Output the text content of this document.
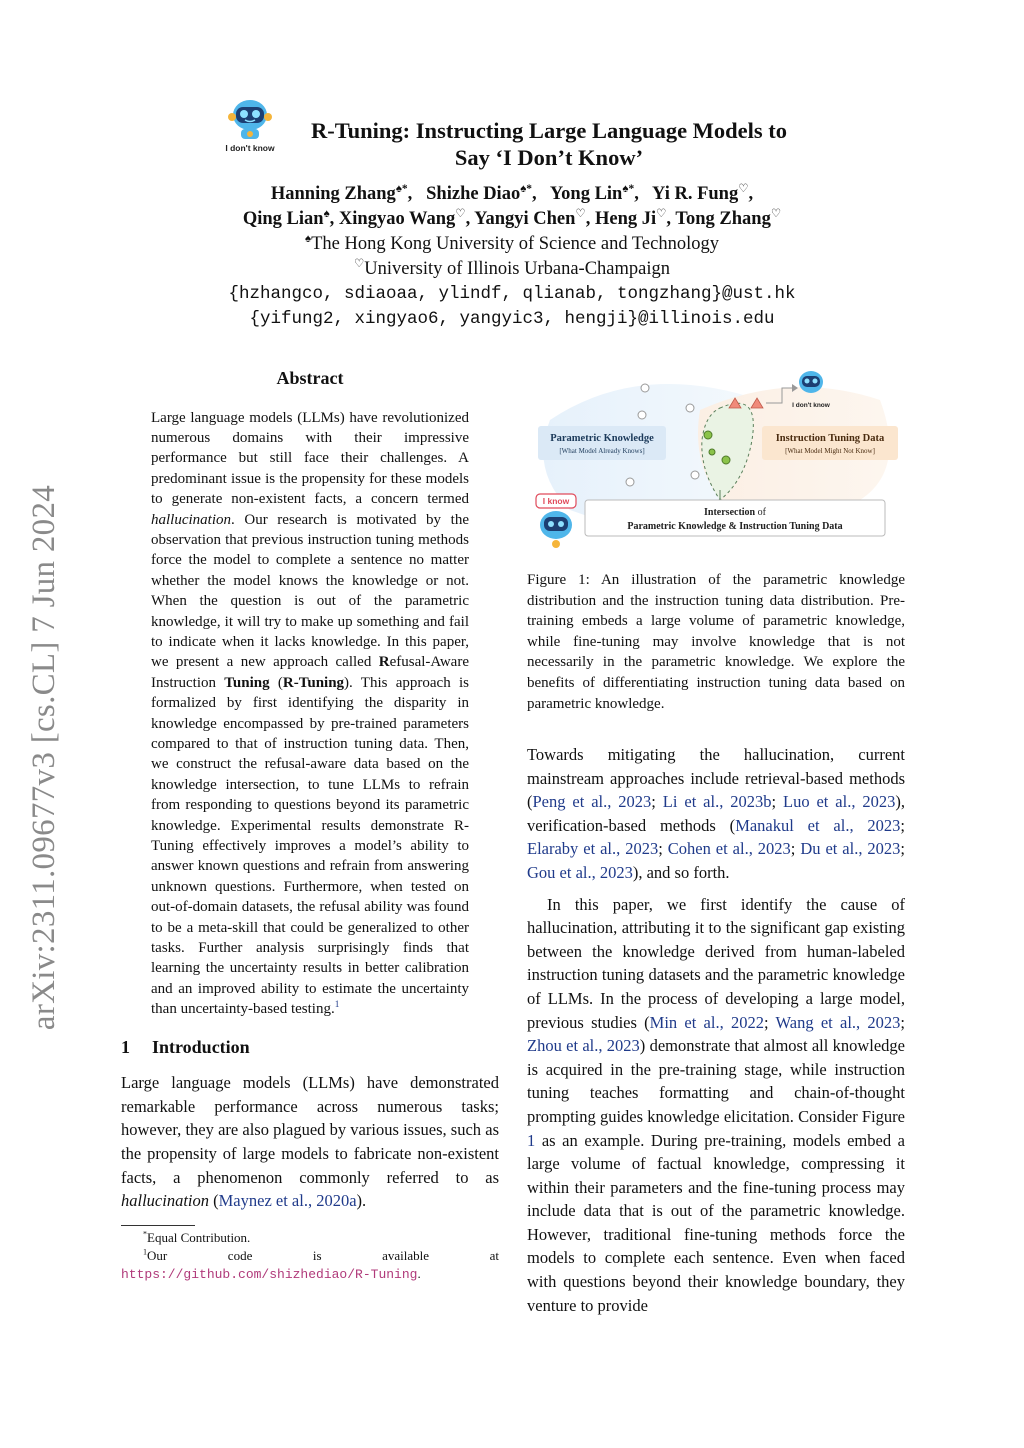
arXiv:2311.09677v3 [cs.CL] 7 Jun 2024
I don't know
R-Tuning: Instructing Large Language Models to
Say ‘I Don’t Know’
Hanning Zhang♠*,   Shizhe Diao♠*,   Yong Lin♠*,   Yi R. Fung♡,
Qing Lian♠, Xingyao Wang♡, Yangyi Chen♡, Heng Ji♡, Tong Zhang♡
♠The Hong Kong University of Science and Technology
♡University of Illinois Urbana-Champaign
{hzhangco, sdiaoaa, ylindf, qlianab, tongzhang}@ust.hk
{yifung2, xingyao6, yangyic3, hengji}@illinois.edu
Abstract

Large language models (LLMs) have revolutionized numerous domains with their impressive performance but still face their challenges. A predominant issue is the propensity for these models to generate non-existent facts, a concern termed hallucination. Our research is motivated by the observation that previous instruction tuning methods force the model to complete a sentence no matter whether the model knows the knowledge or not. When the question is out of the parametric knowledge, it will try to make up something and fail to indicate when it lacks knowledge. In this paper, we present a new approach called Refusal-Aware Instruction Tuning (R-Tuning). This approach is formalized by first identifying the disparity in knowledge encompassed by pre-trained parameters compared to that of instruction tuning data. Then, we construct the refusal-aware data based on the knowledge intersection, to tune LLMs to refrain from responding to questions beyond its parametric knowledge. Experimental results demonstrate R-Tuning effectively improves a model’s ability to answer known questions and refrain from answering unknown questions. Furthermore, when tested on out-of-domain datasets, the refusal ability was found to be a meta-skill that could be generalized to other tasks. Further analysis surprisingly finds that learning the uncertainty results in better calibration and an improved ability to estimate the uncertainty than uncertainty-based testing.$^1$

1 Introduction

Large language models (LLMs) have demonstrated remarkable performance across numerous tasks; however, they are also plagued by various issues, such as the propensity of large models to fabricate non-existent facts, a phenomenon commonly referred to as hallucination (Maynez et al., 2020a).

*Equal Contribution.

$^1$Our code is available at https://github.com/shizhediao/R-Tuning.

I don't know
Parametric Knowledge
[What Model Already Knows]
Instruction Tuning Data
[What Model Might Not Know]
Intersection of
Parametric Knowledge & Instruction Tuning Data
I know
Figure 1: An illustration of the parametric knowledge distribution and the instruction tuning data distribution. Pre-training embeds a large volume of parametric knowledge, while fine-tuning may involve knowledge that is not necessarily in the parametric knowledge. We explore the benefits of differentiating instruction tuning data based on parametric knowledge.

Towards mitigating the hallucination, current mainstream approaches include retrieval-based methods (Peng et al., 2023; Li et al., 2023b; Luo et al., 2023), verification-based methods (Manakul et al., 2023; Elaraby et al., 2023; Cohen et al., 2023; Du et al., 2023; Gou et al., 2023), and so forth.

In this paper, we first identify the cause of hallucination, attributing it to the significant gap existing between the knowledge derived from human-labeled instruction tuning datasets and the parametric knowledge of LLMs. In the process of developing a large model, previous studies (Min et al., 2022; Wang et al., 2023; Zhou et al., 2023) demonstrate that almost all knowledge is acquired in the pre-training stage, while instruction tuning teaches formatting and chain-of-thought prompting guides knowledge elicitation. Consider Figure 1 as an example. During pre-training, models embed a large volume of factual knowledge, compressing it within their parameters and the fine-tuning process may include data that is out of the parametric knowledge. However, traditional fine-tuning methods force the models to complete each sentence. Even when faced with questions beyond their knowledge boundary, they venture to provide
